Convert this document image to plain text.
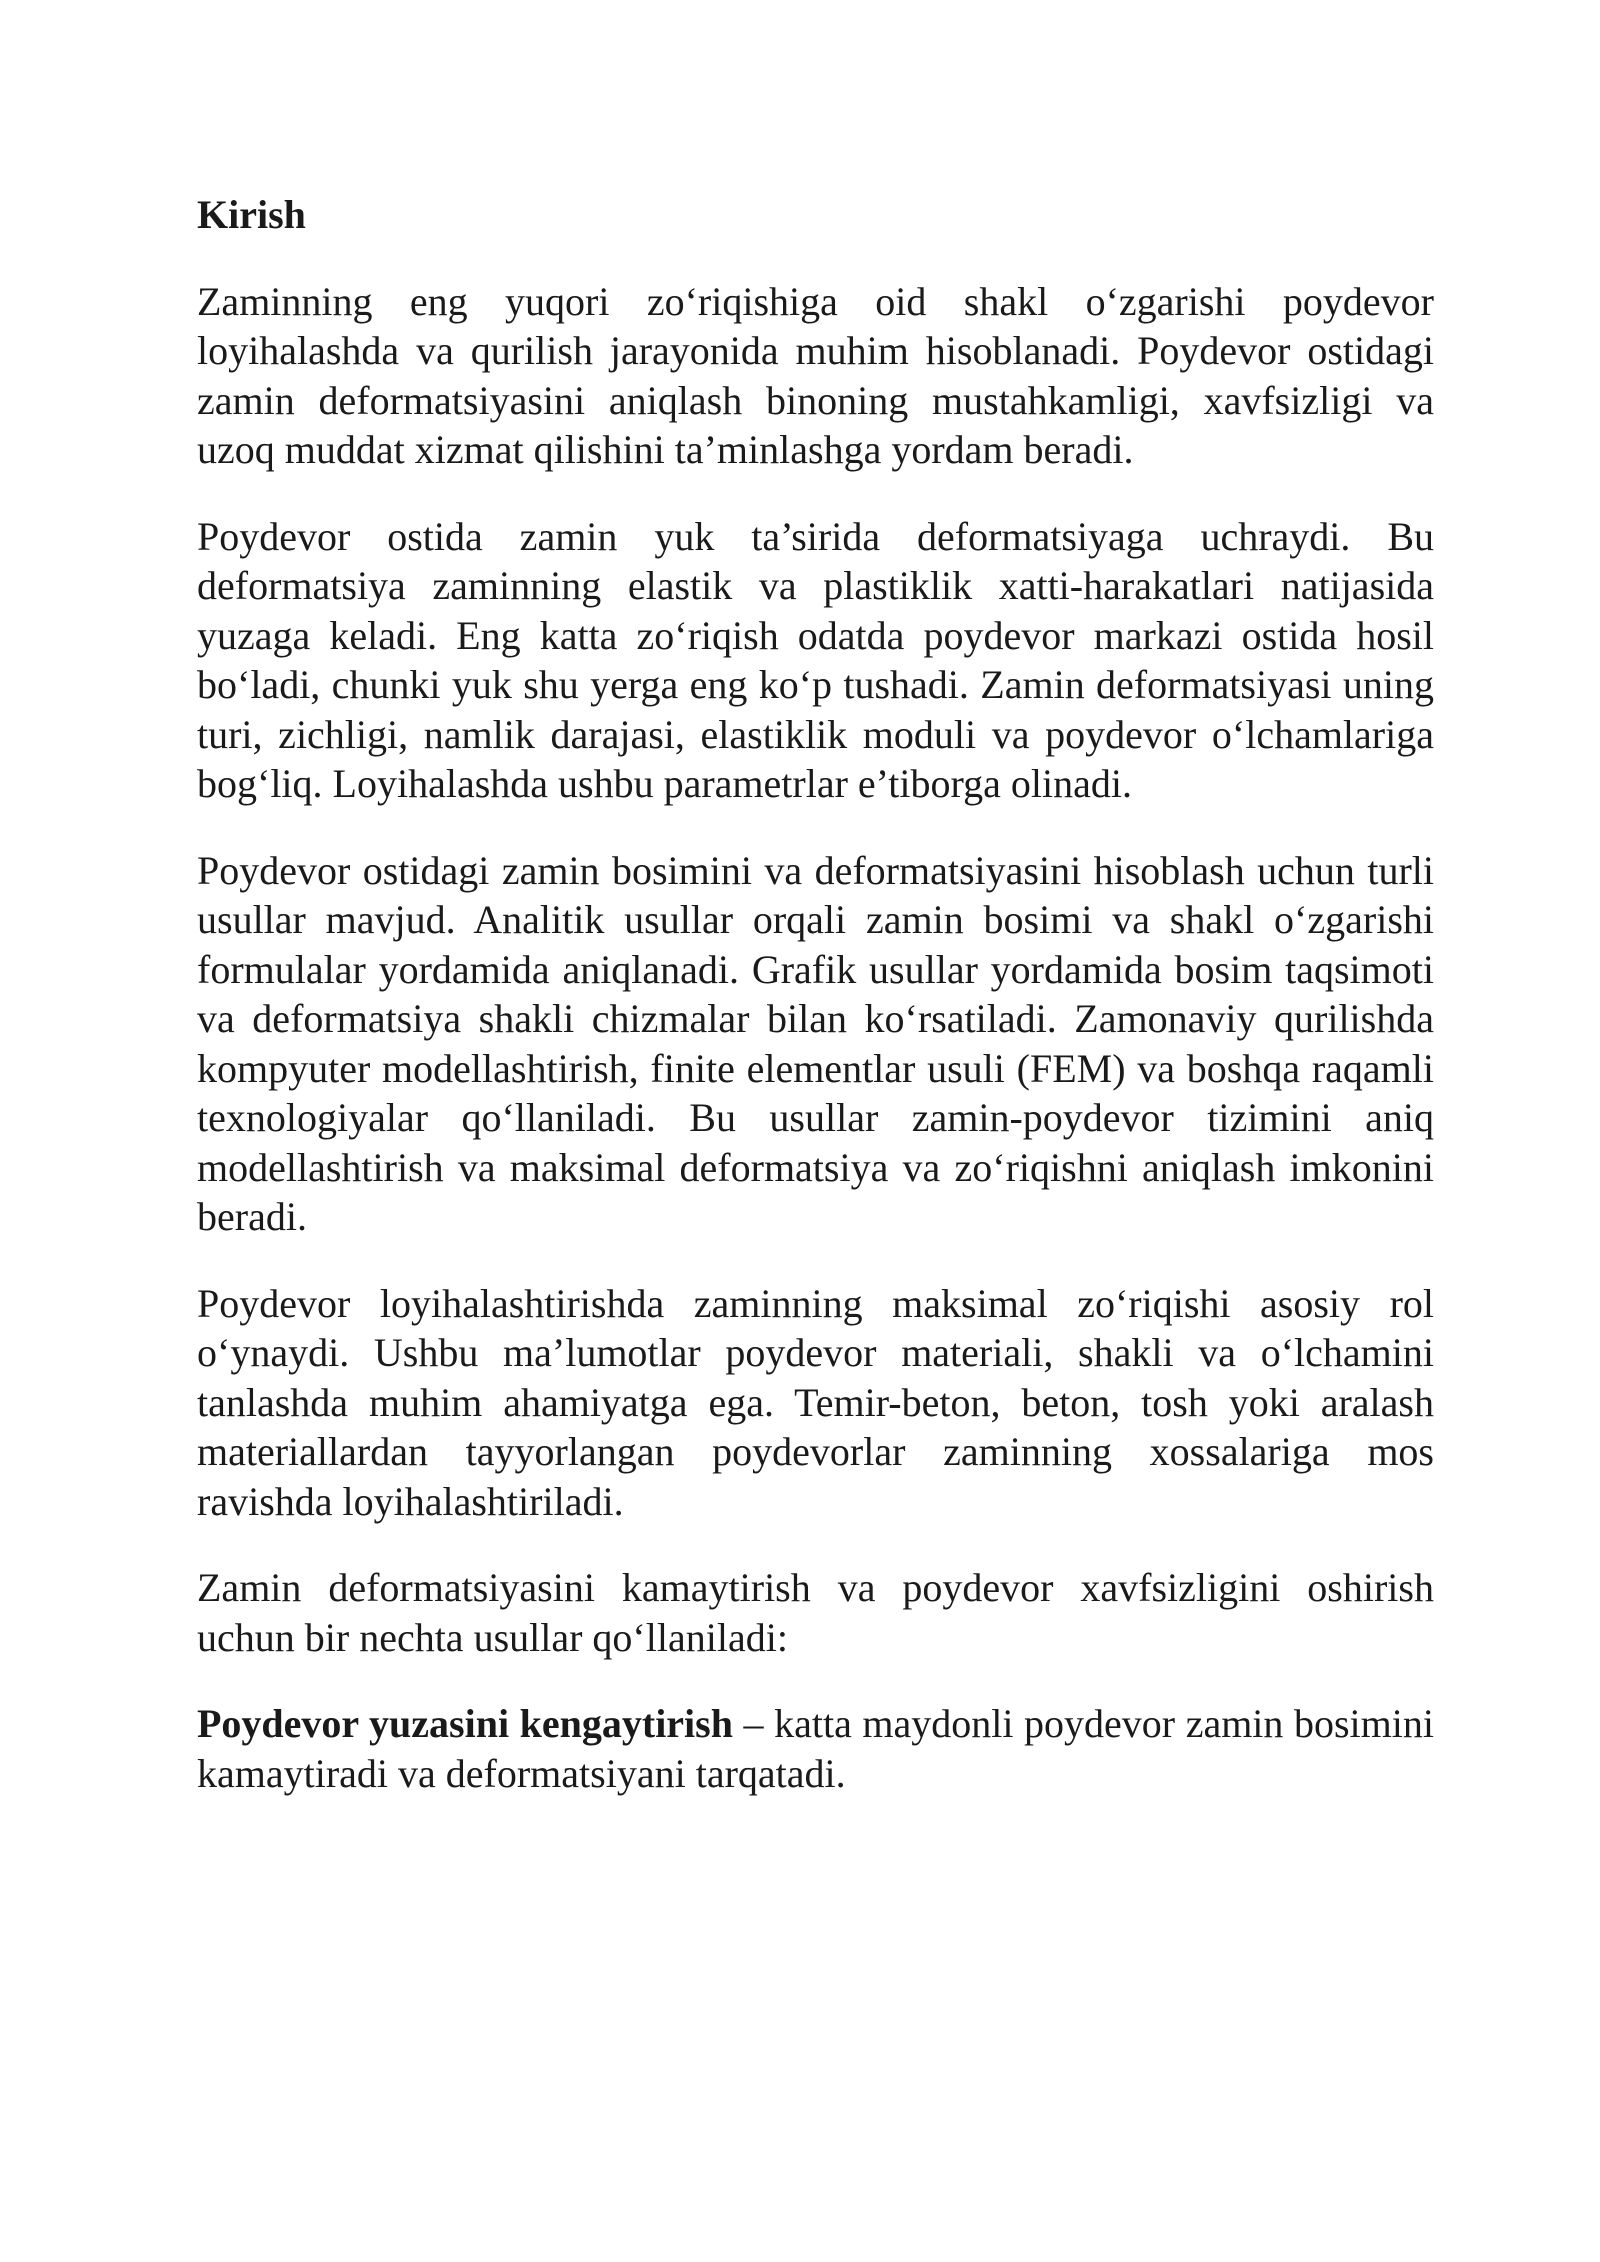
Kirish

Zaminning eng yuqori zo‘riqishiga oid shakl o‘zgarishi poydevor loyihalashda va qurilish jarayonida muhim hisoblanadi. Poydevor ostidagi zamin deformatsiyasini aniqlash binoning mustahkamligi, xavfsizligi va uzoq muddat xizmat qilishini ta’minlashga yordam beradi.

Poydevor ostida zamin yuk ta’sirida deformatsiyaga uchraydi. Bu deformatsiya zaminning elastik va plastiklik xatti-harakatlari natijasida yuzaga keladi. Eng katta zo‘riqish odatda poydevor markazi ostida hosil bo‘ladi, chunki yuk shu yerga eng ko‘p tushadi. Zamin deformatsiyasi uning turi, zichligi, namlik darajasi, elastiklik moduli va poydevor o‘lchamlariga bog‘liq. Loyihalashda ushbu parametrlar e’tiborga olinadi.

Poydevor ostidagi zamin bosimini va deformatsiyasini hisoblash uchun turli usullar mavjud. Analitik usullar orqali zamin bosimi va shakl o‘zgarishi formulalar yordamida aniqlanadi. Grafik usullar yordamida bosim taqsimoti va deformatsiya shakli chizmalar bilan ko‘rsatiladi. Zamonaviy qurilishda kompyuter modellashtirish, finite elementlar usuli (FEM) va boshqa raqamli texnologiyalar qo‘llaniladi. Bu usullar zamin-poydevor tizimini aniq modellashtirish va maksimal deformatsiya va zo‘riqishni aniqlash imkonini beradi.

Poydevor loyihalashtirishda zaminning maksimal zo‘riqishi asosiy rol o‘ynaydi. Ushbu ma’lumotlar poydevor materiali, shakli va o‘lchamini tanlashda muhim ahamiyatga ega. Temir-beton, beton, tosh yoki aralash materiallardan tayyorlangan poydevorlar zaminning xossalariga mos ravishda loyihalashtiriladi.

Zamin deformatsiyasini kamaytirish va poydevor xavfsizligini oshirish uchun bir nechta usullar qo‘llaniladi:

Poydevor yuzasini kengaytirish – katta maydonli poydevor zamin bosimini kamaytiradi va deformatsiyani tarqatadi.
